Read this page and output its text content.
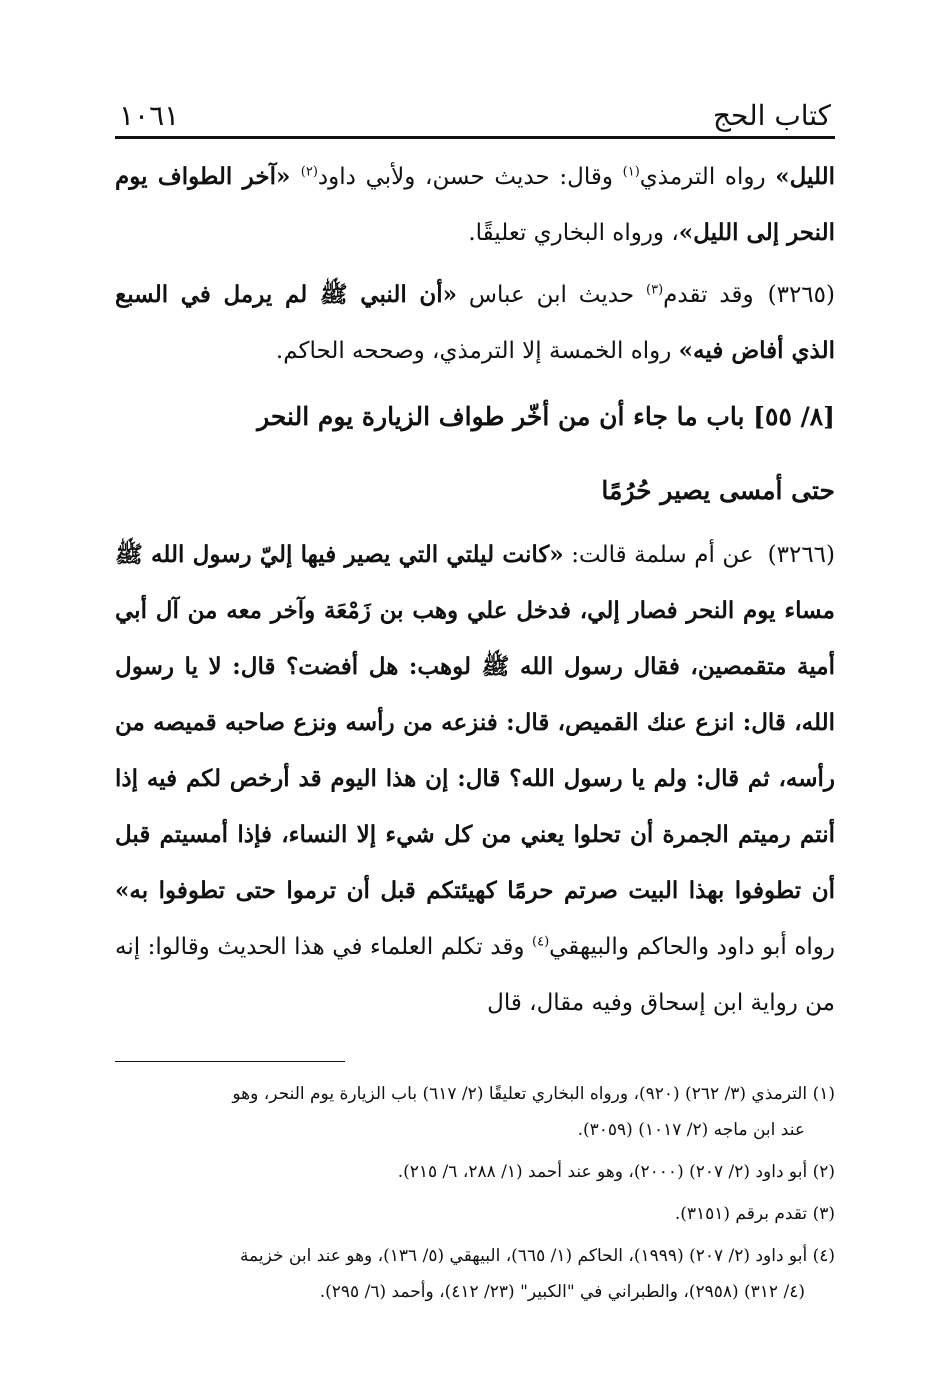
كتاب الحج
١٠٦١

الليل» رواه الترمذي$^{(١)}$ وقال: حديث حسن، ولأبي داود$^{(٢)}$ «آخر الطواف يوم النحر إلى الليل»، ورواه البخاري تعليقًا.

(٣٢٦٥)وقد تقدم$^{(٣)}$ حديث ابن عباس «أن النبي ﷺ لم يرمل في السبع الذي أفاض فيه» رواه الخمسة إلا الترمذي، وصححه الحاكم.

[٨/ ٥٥] باب ما جاء أن من أخّر طواف الزيارة يوم النحر
حتى أمسى يصير حُرُمًا

(٣٢٦٦)عن أم سلمة قالت: «كانت ليلتي التي يصير فيها إليّ رسول الله ﷺ مساء يوم النحر فصار إلي، فدخل علي وهب بن زَمْعَة وآخر معه من آل أبي أمية متقمصين، فقال رسول الله ﷺ لوهب: هل أفضت؟ قال: لا يا رسول الله، قال: انزع عنك القميص، قال: فنزعه من رأسه ونزع صاحبه قميصه من رأسه، ثم قال: ولم يا رسول الله؟ قال: إن هذا اليوم قد أرخص لكم فيه إذا أنتم رميتم الجمرة أن تحلوا يعني من كل شيء إلا النساء، فإذا أمسيتم قبل أن تطوفوا بهذا البيت صرتم حرمًا كهيئتكم قبل أن ترموا حتى تطوفوا به» رواه أبو داود والحاكم والبيهقي$^{(٤)}$ وقد تكلم العلماء في هذا الحديث وقالوا: إنه من رواية ابن إسحاق وفيه مقال، قال

(١) الترمذي (٣/ ٢٦٢) (٩٢٠)، ورواه البخاري تعليقًا (٢/ ٦١٧) باب الزيارة يوم النحر، وهو
عند ابن ماجه (٢/ ١٠١٧) (٣٠٥٩).

(٢) أبو داود (٢/ ٢٠٧) (٢٠٠٠)، وهو عند أحمد (١/ ٢٨٨، ٦/ ٢١٥).

(٣) تقدم برقم (٣١٥١).

(٤) أبو داود (٢/ ٢٠٧) (١٩٩٩)، الحاكم (١/ ٦٦٥)، البيهقي (٥/ ١٣٦)، وهو عند ابن خزيمة
(٤/ ٣١٢) (٢٩٥٨)، والطبراني في "الكبير" (٢٣/ ٤١٢)، وأحمد (٦/ ٢٩٥).
